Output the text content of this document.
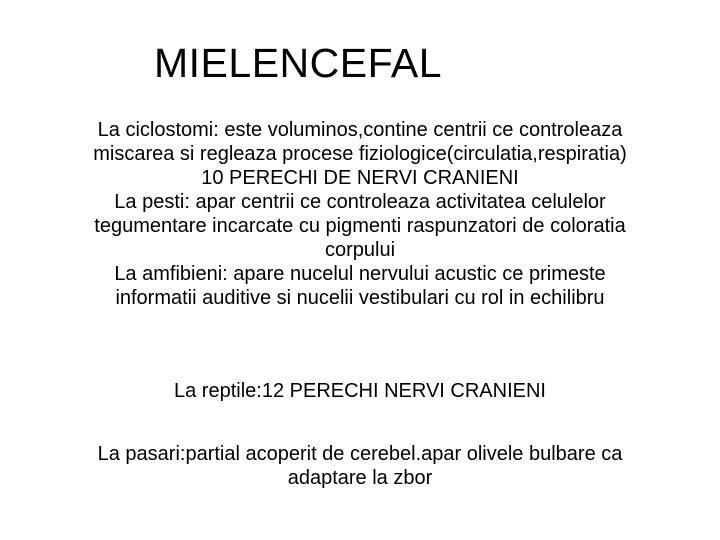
MIELENCEFAL
La ciclostomi: este voluminos,contine centrii ce controleaza
miscarea si regleaza procese fiziologice(circulatia,respiratia)
10 PERECHI DE NERVI CRANIENI
La pesti: apar centrii ce controleaza activitatea celulelor
tegumentare incarcate cu pigmenti raspunzatori de coloratia
corpului
La amfibieni: apare nucelul nervului acustic ce primeste
informatii auditive si nucelii vestibulari cu rol in echilibru
La reptile:12 PERECHI NERVI CRANIENI
La pasari:partial acoperit de cerebel.apar olivele bulbare ca
adaptare la zbor
